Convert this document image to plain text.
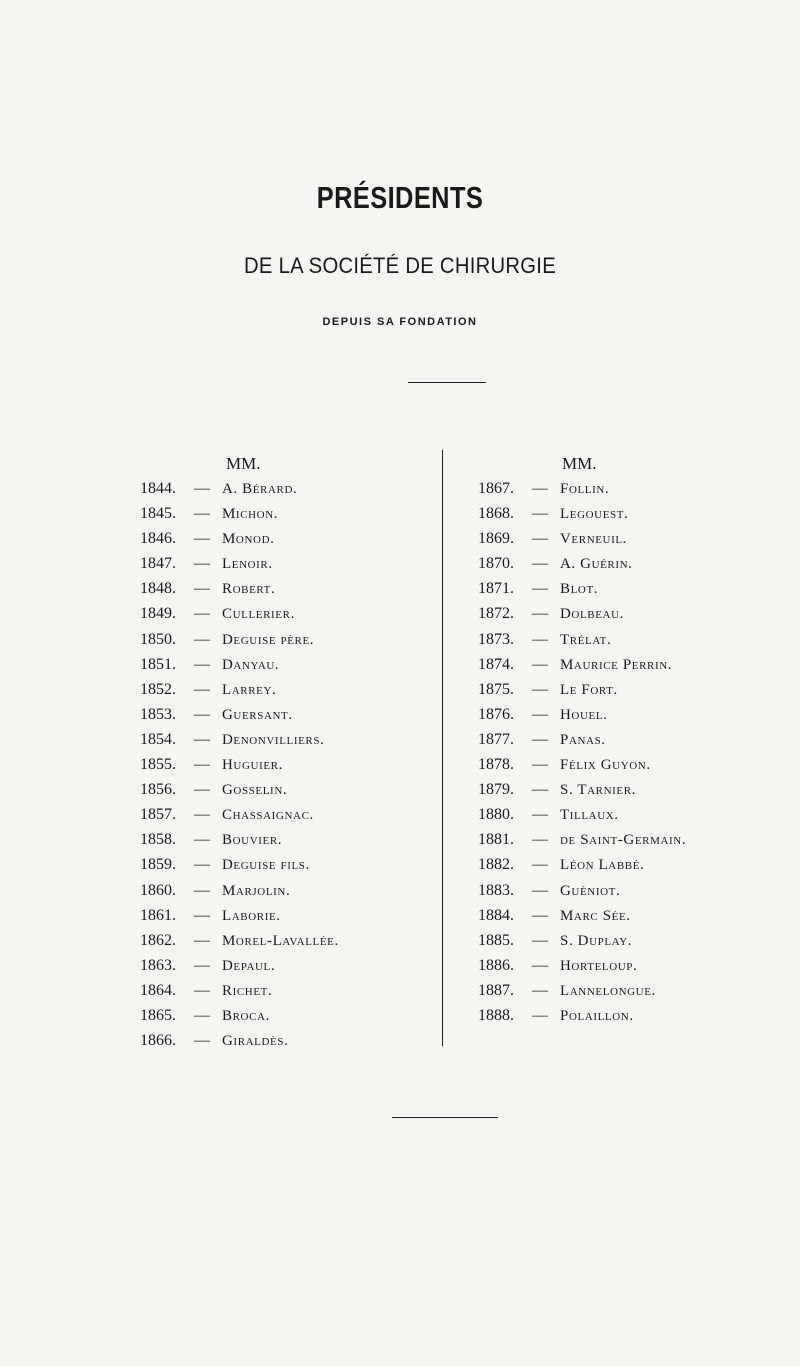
PRÉSIDENTS
DE LA SOCIÉTÉ DE CHIRURGIE
DEPUIS SA FONDATION
MM.
1844. — A. Bérard.
1845. — Michon.
1846. — Monod.
1847. — Lenoir.
1848. — Robert.
1849. — Cullerier.
1850. — Deguise père.
1851. — Danyau.
1852. — Larrey.
1853. — Guersant.
1854. — Denonvilliers.
1855. — Huguier.
1856. — Gosselin.
1857. — Chassaignac.
1858. — Bouvier.
1859. — Deguise fils.
1860. — Marjolin.
1861. — Laborie.
1862. — Morel-Lavallée.
1863. — Depaul.
1864. — Richet.
1865. — Broca.
1866. — Giraldès.
MM.
1867. — Follin.
1868. — Legouest.
1869. — Verneuil.
1870. — A. Guérin.
1871. — Blot.
1872. — Dolbeau.
1873. — Trélat.
1874. — Maurice Perrin.
1875. — Le Fort.
1876. — Houel.
1877. — Panas.
1878. — Félix Guyon.
1879. — S. Tarnier.
1880. — Tillaux.
1881. — de Saint-Germain.
1882. — Léon Labbé.
1883. — Guéniot.
1884. — Marc Sée.
1885. — S. Duplay.
1886. — Horteloup.
1887. — Lannelongue.
1888. — Polaillon.
